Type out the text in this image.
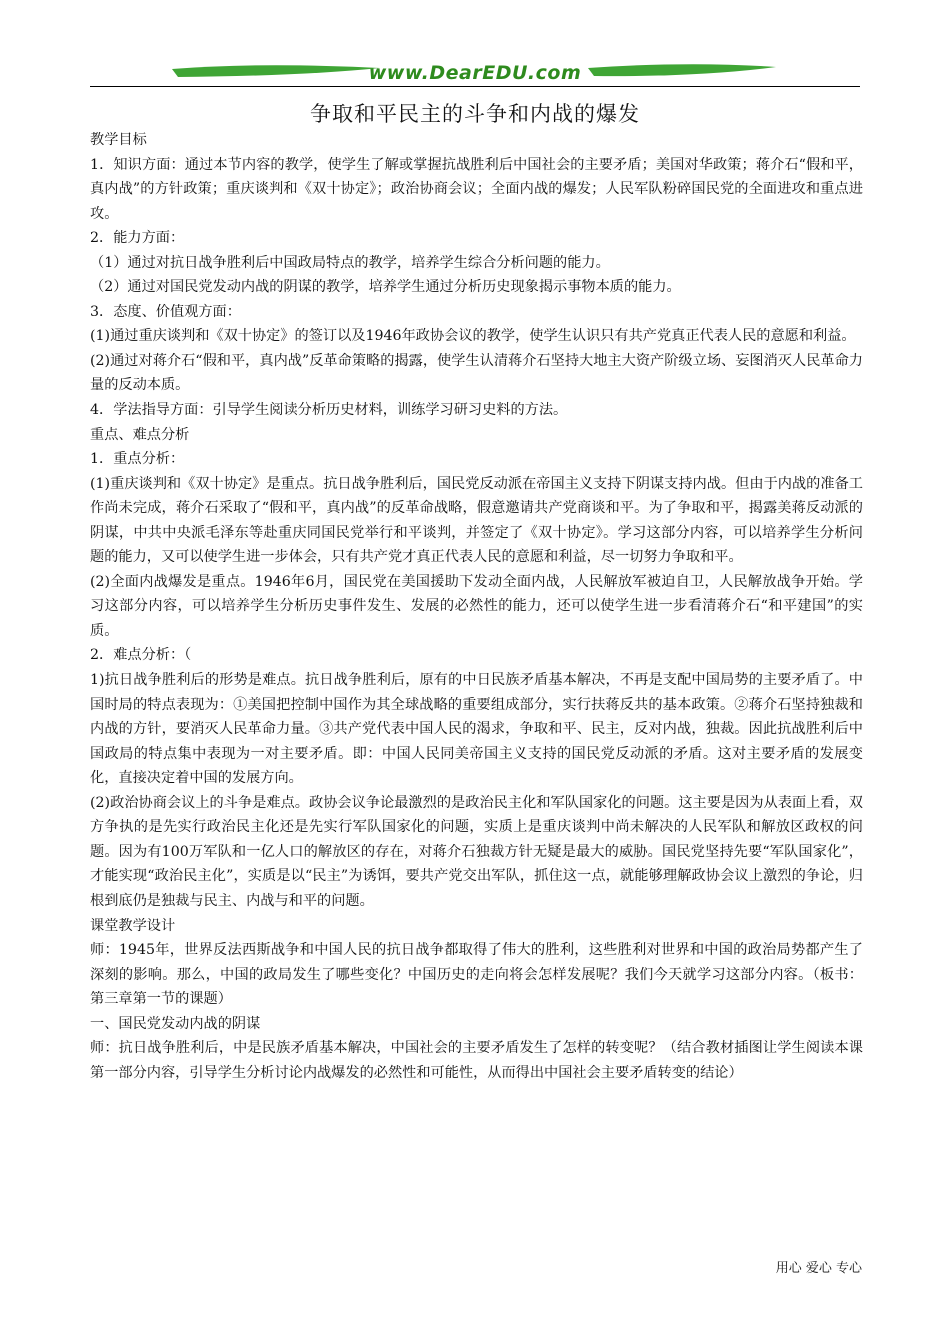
www.DearEDU.com
争取和平民主的斗争和内战的爆发

教学目标

1．知识方面：通过本节内容的教学，使学生了解或掌握抗战胜利后中国社会的主要矛盾；美国对华政策；蒋介石“假和平，真内战”的方针政策；重庆谈判和《双十协定》；政治协商会议；全面内战的爆发；人民军队粉碎国民党的全面进攻和重点进攻。

2．能力方面：

（1）通过对抗日战争胜利后中国政局特点的教学，培养学生综合分析问题的能力。

（2）通过对国民党发动内战的阴谋的教学，培养学生通过分析历史现象揭示事物本质的能力。

3．态度、价值观方面：

(1)通过重庆谈判和《双十协定》的签订以及1946年政协会议的教学，使学生认识只有共产党真正代表人民的意愿和利益。

(2)通过对蒋介石“假和平，真内战”反革命策略的揭露，使学生认清蒋介石坚持大地主大资产阶级立场、妄图消灭人民革命力量的反动本质。

4．学法指导方面：引导学生阅读分析历史材料，训练学习研习史料的方法。

重点、难点分析

1．重点分析：

(1)重庆谈判和《双十协定》是重点。抗日战争胜利后，国民党反动派在帝国主义支持下阴谋支持内战。但由于内战的准备工作尚未完成，蒋介石采取了“假和平，真内战”的反革命战略，假意邀请共产党商谈和平。为了争取和平，揭露美蒋反动派的阴谋，中共中央派毛泽东等赴重庆同国民党举行和平谈判，并签定了《双十协定》。学习这部分内容，可以培养学生分析问题的能力，又可以使学生进一步体会，只有共产党才真正代表人民的意愿和利益，尽一切努力争取和平。

(2)全面内战爆发是重点。1946年6月，国民党在美国援助下发动全面内战，人民解放军被迫自卫，人民解放战争开始。学习这部分内容，可以培养学生分析历史事件发生、发展的必然性的能力，还可以使学生进一步看清蒋介石“和平建国”的实质。

2．难点分析：（

1)抗日战争胜利后的形势是难点。抗日战争胜利后，原有的中日民族矛盾基本解决，不再是支配中国局势的主要矛盾了。中国时局的特点表现为：①美国把控制中国作为其全球战略的重要组成部分，实行扶蒋反共的基本政策。②蒋介石坚持独裁和内战的方针，要消灭人民革命力量。③共产党代表中国人民的渴求，争取和平、民主，反对内战，独裁。因此抗战胜利后中国政局的特点集中表现为一对主要矛盾。即：中国人民同美帝国主义支持的国民党反动派的矛盾。这对主要矛盾的发展变化，直接决定着中国的发展方向。

(2)政治协商会议上的斗争是难点。政协会议争论最激烈的是政治民主化和军队国家化的问题。这主要是因为从表面上看，双方争执的是先实行政治民主化还是先实行军队国家化的问题，实质上是重庆谈判中尚未解决的人民军队和解放区政权的问题。因为有100万军队和一亿人口的解放区的存在，对蒋介石独裁方针无疑是最大的威胁。国民党坚持先要“军队国家化”，才能实现“政治民主化”，实质是以“民主”为诱饵，要共产党交出军队，抓住这一点，就能够理解政协会议上激烈的争论，归根到底仍是独裁与民主、内战与和平的问题。

课堂教学设计

师：1945年，世界反法西斯战争和中国人民的抗日战争都取得了伟大的胜利，这些胜利对世界和中国的政治局势都产生了深刻的影响。那么，中国的政局发生了哪些变化？中国历史的走向将会怎样发展呢？我们今天就学习这部分内容。（板书：第三章第一节的课题）

一、国民党发动内战的阴谋

师：抗日战争胜利后，中是民族矛盾基本解决，中国社会的主要矛盾发生了怎样的转变呢？（结合教材插图让学生阅读本课第一部分内容，引导学生分析讨论内战爆发的必然性和可能性，从而得出中国社会主要矛盾转变的结论）

用心 爱心 专心
